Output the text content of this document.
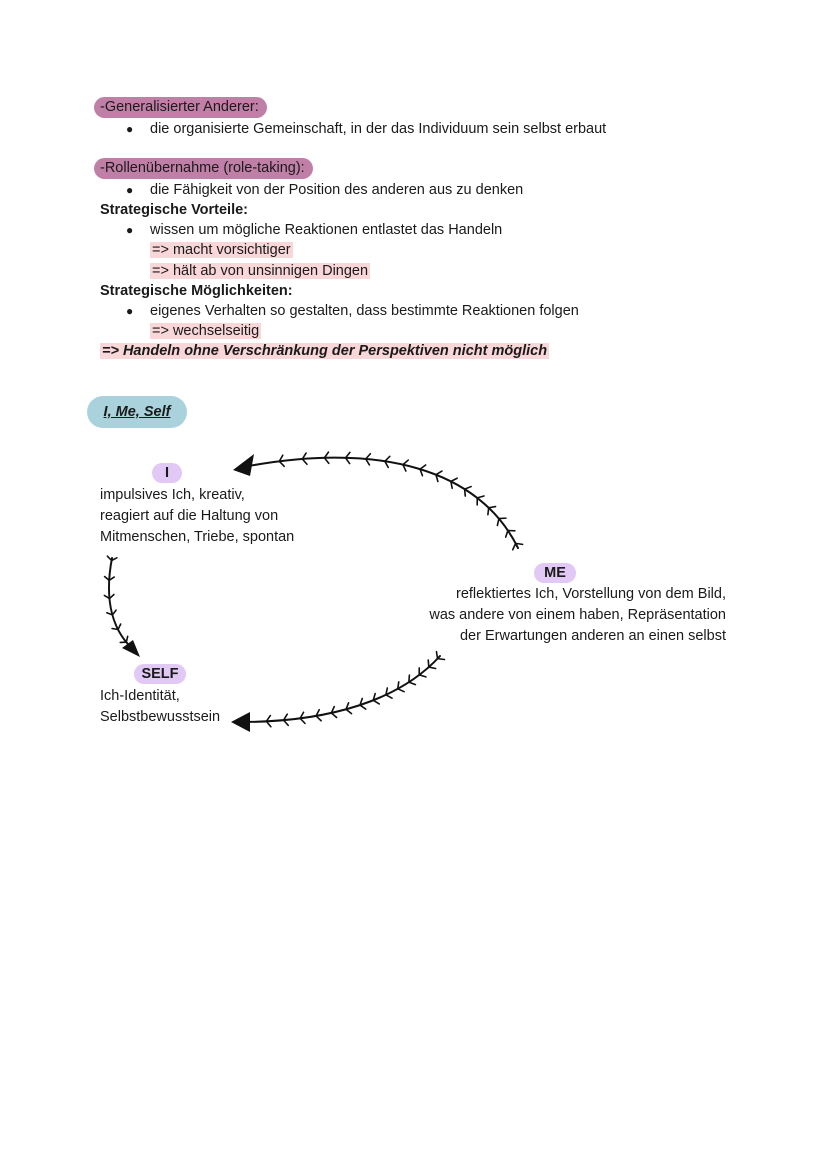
-Generalisierter Anderer:
● die organisierte Gemeinschaft, in der das Individuum sein selbst erbaut
-Rollenübernahme (role-taking):
● die Fähigkeit von der Position des anderen aus zu denken
Strategische Vorteile:
● wissen um mögliche Reaktionen entlastet das Handeln
=> macht vorsichtiger
=> hält ab von unsinnigen Dingen
Strategische Möglichkeiten:
● eigenes Verhalten so gestalten, dass bestimmte Reaktionen folgen
=> wechselseitig
=> Handeln ohne Verschränkung der Perspektiven nicht möglich
I, Me, Self
I
impulsives Ich, kreativ,
reagiert auf die Haltung von
Mitmenschen, Triebe, spontan
ME
reflektiertes Ich, Vorstellung von dem Bild,
was andere von einem haben, Repräsentation
der Erwartungen anderen an einen selbst
SELF
Ich-Identität,
Selbstbewusstsein
